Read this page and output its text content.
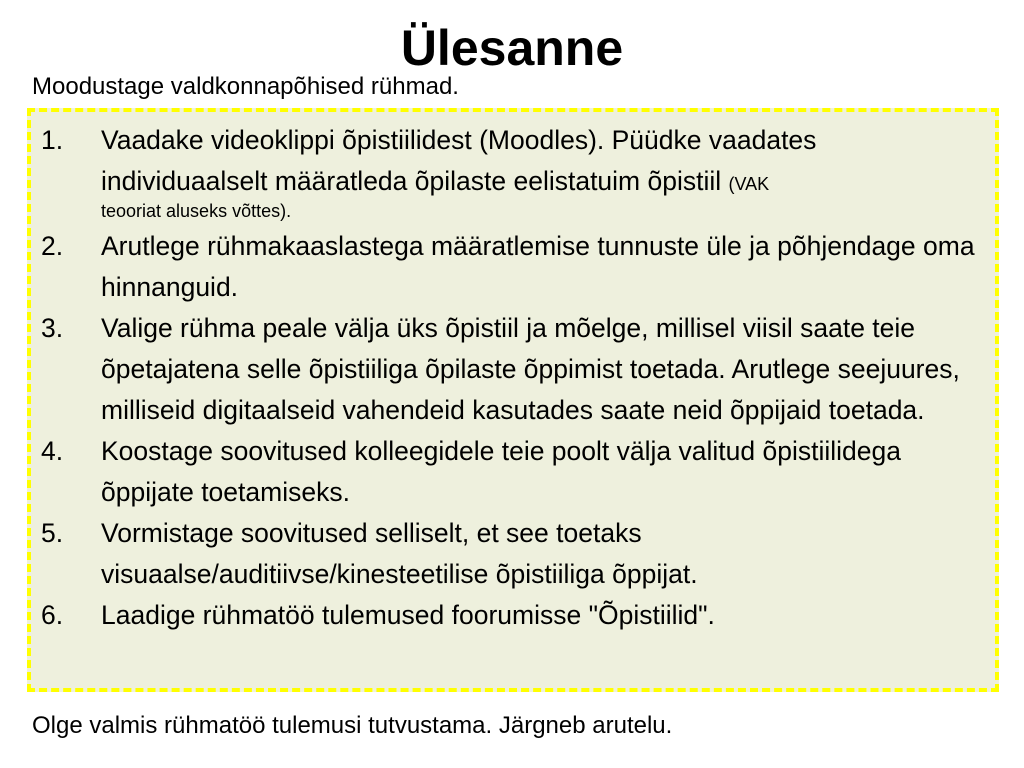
Ülesanne
Moodustage valdkonnapõhised rühmad.
1. Vaadake videoklippi õpistiilidest (Moodles). Püüdke vaadates individuaalselt määratleda õpilaste eelistatuim õpistiil (VAK
teooriat aluseks võttes).
2. Arutlege rühmakaaslastega määratlemise tunnuste üle ja põhjendage oma hinnanguid.
3. Valige rühma peale välja üks õpistiil ja mõelge, millisel viisil saate teie õpetajatena selle õpistiiliga õpilaste õppimist toetada. Arutlege seejuures, milliseid digitaalseid vahendeid kasutades saate neid õppijaid toetada.
4. Koostage soovitused kolleegidele teie poolt välja valitud õpistiilidega õppijate toetamiseks.
5. Vormistage soovitused selliselt, et see toetaks visuaalse/auditiivse/kinesteetilise õpistiiliga õppijat.
6. Laadige rühmatöö tulemused foorumisse "Õpistiilid".
Olge valmis rühmatöö tulemusi tutvustama. Järgneb arutelu.
